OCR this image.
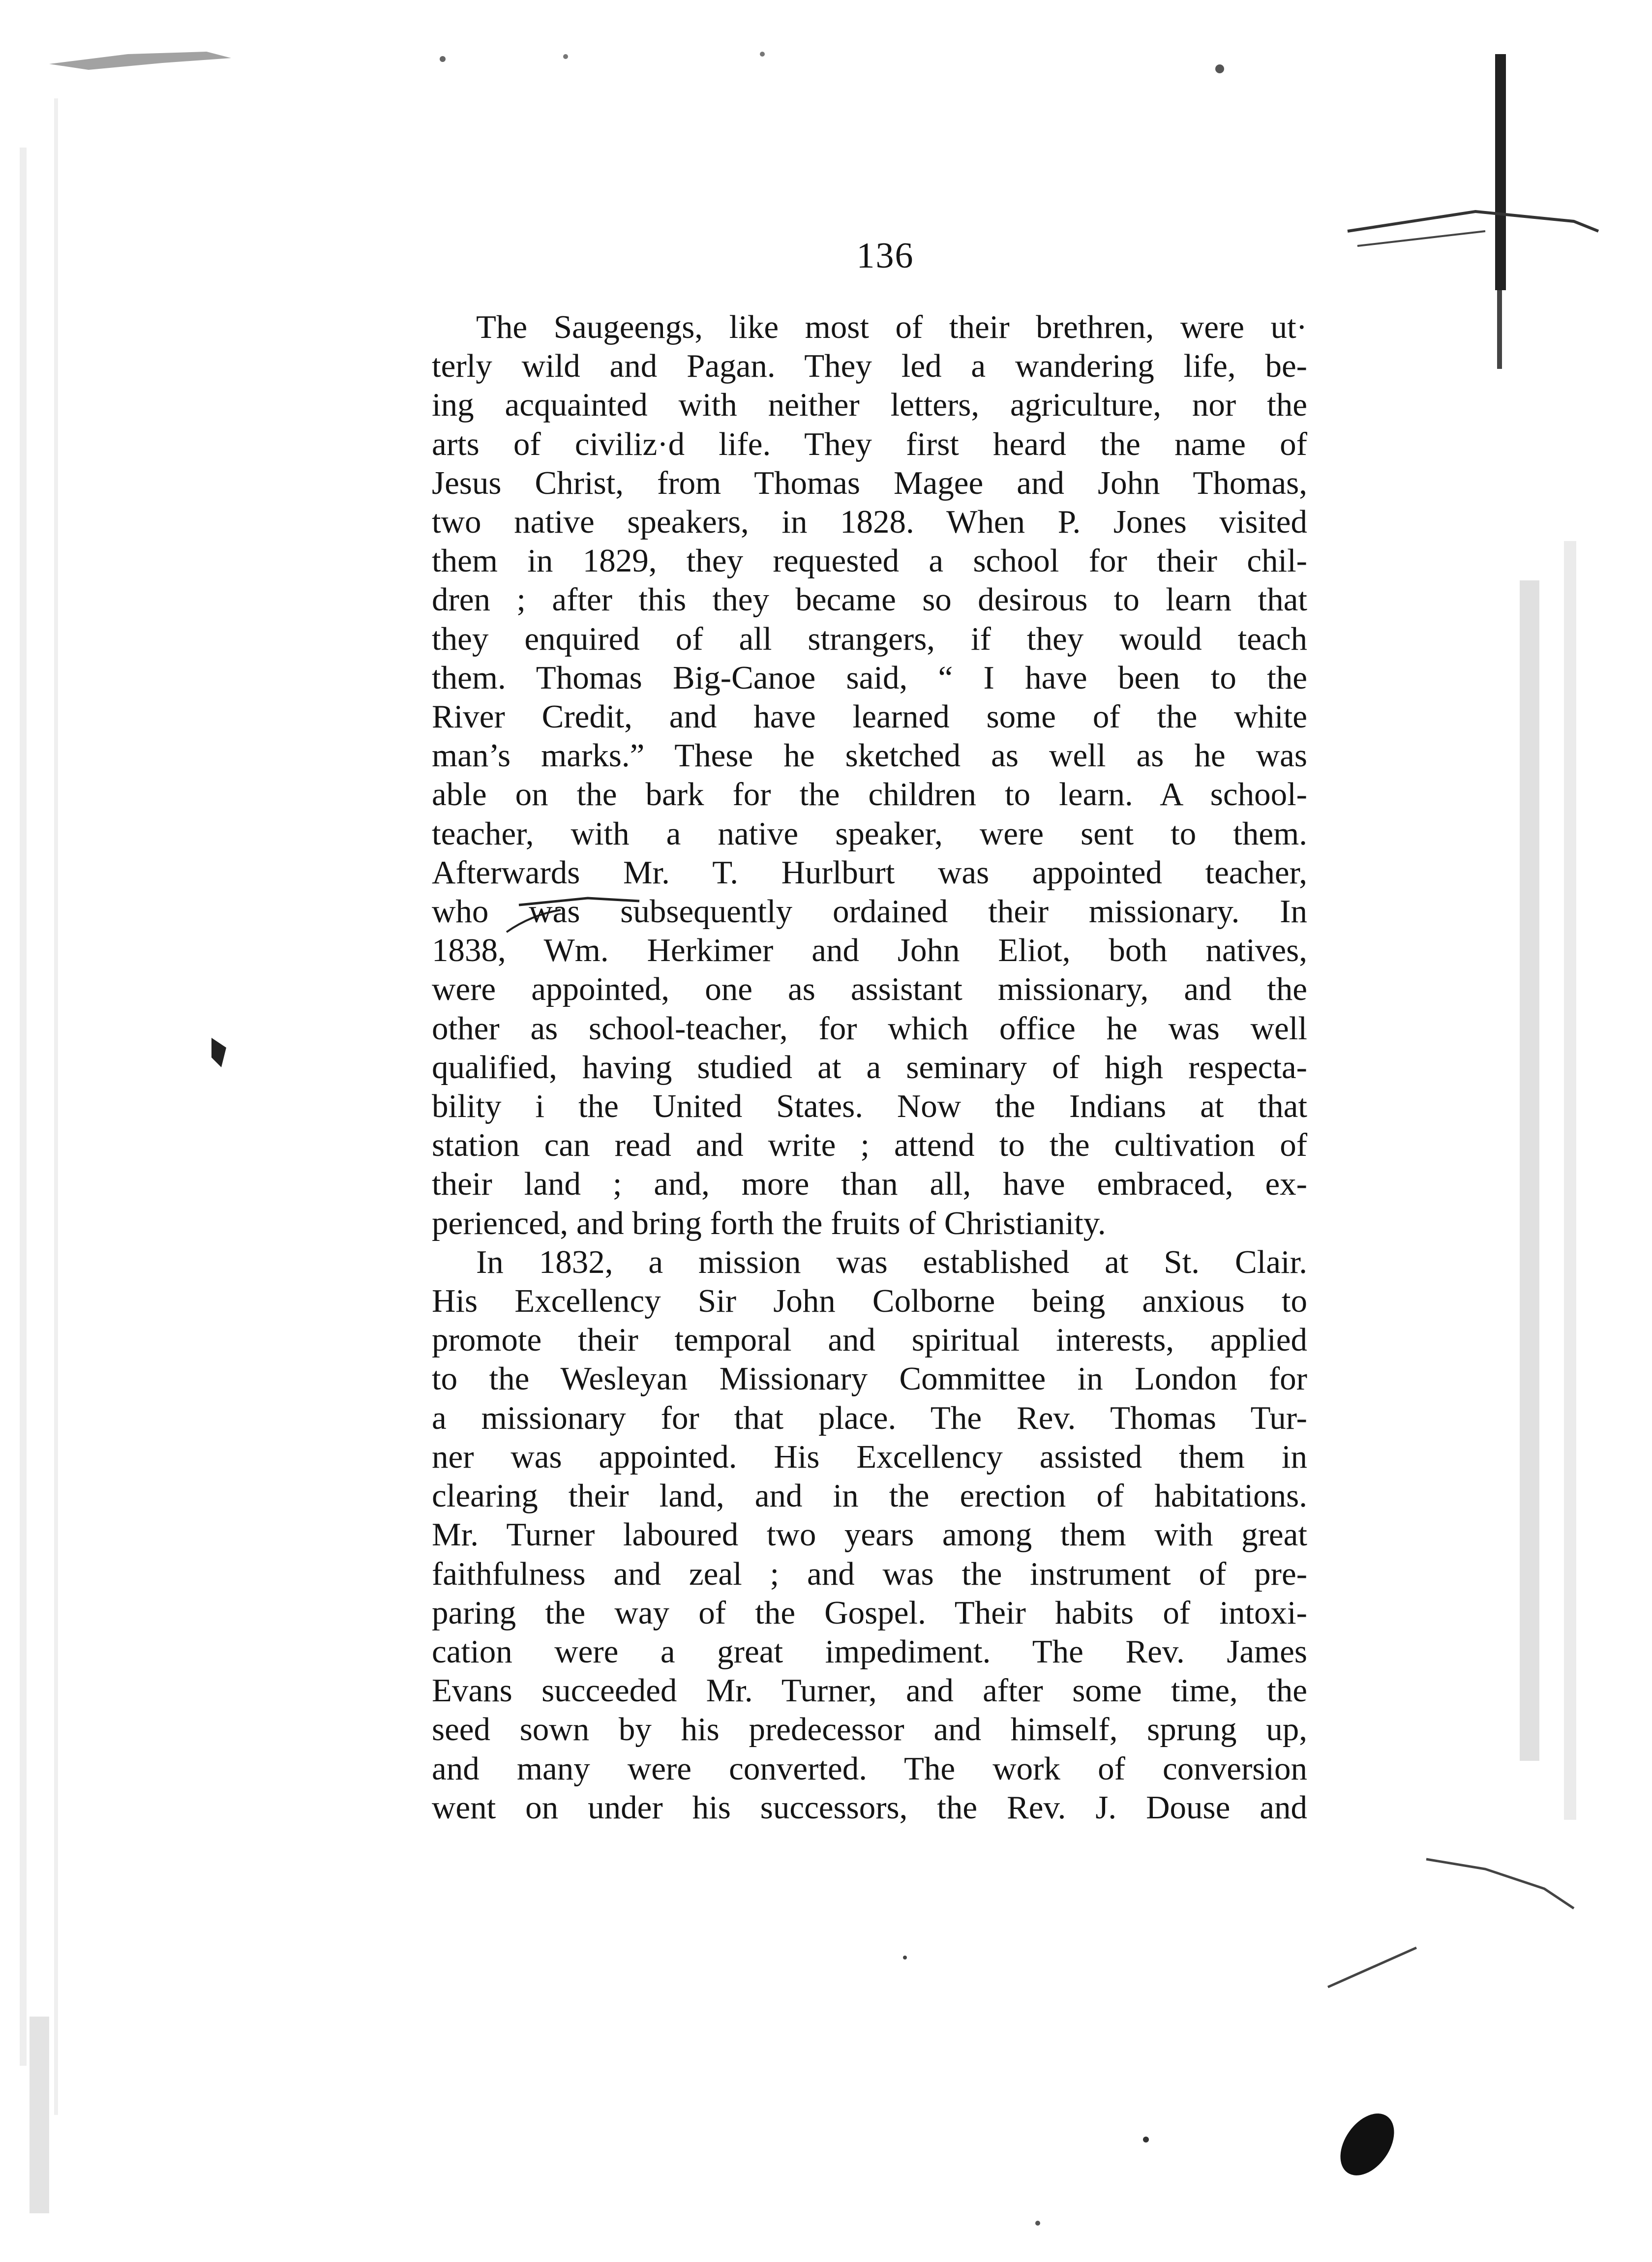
136
The Saugeengs, like most of their brethren, were ut·
terly wild and Pagan. They led a wandering life, be-
ing acquainted with neither letters, agriculture, nor the
arts of civiliz·d life. They first heard the name of
Jesus Christ, from Thomas Magee and John Thomas,
two native speakers, in 1828. When P. Jones visited
them in 1829, they requested a school for their chil-
dren ; after this they became so desirous to learn that
they enquired of all strangers, if they would teach
them. Thomas Big-Canoe said, “ I have been to the
River Credit, and have learned some of the white
man’s marks.” These he sketched as well as he was
able on the bark for the children to learn. A school-
teacher, with a native speaker, were sent to them.
Afterwards Mr. T. Hurlburt was appointed teacher,
who was subsequently ordained their missionary. In
1838, Wm. Herkimer and John Eliot, both natives,
were appointed, one as assistant missionary, and the
other as school-teacher, for which office he was well
qualified, having studied at a seminary of high respecta-
bility i the United States. Now the Indians at that
station can read and write ; attend to the cultivation of
their land ; and, more than all, have embraced, ex-
perienced, and bring forth the fruits of Christianity.
In 1832, a mission was established at St. Clair.
His Excellency Sir John Colborne being anxious to
promote their temporal and spiritual interests, applied
to the Wesleyan Missionary Committee in London for
a missionary for that place. The Rev. Thomas Tur-
ner was appointed. His Excellency assisted them in
clearing their land, and in the erection of habitations.
Mr. Turner laboured two years among them with great
faithfulness and zeal ; and was the instrument of pre-
paring the way of the Gospel. Their habits of intoxi-
cation were a great impediment. The Rev. James
Evans succeeded Mr. Turner, and after some time, the
seed sown by his predecessor and himself, sprung up,
and many were converted. The work of conversion
went on under his successors, the Rev. J. Douse and
